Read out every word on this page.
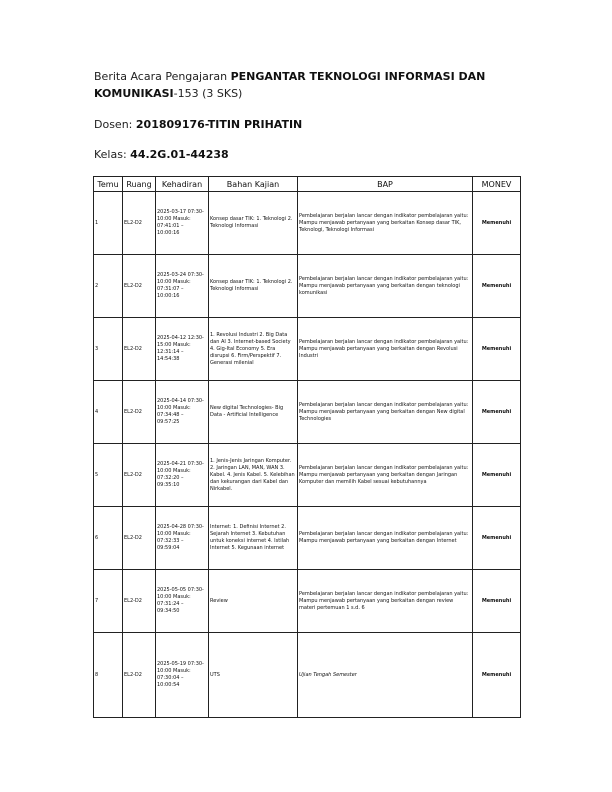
Berita Acara Pengajaran PENGANTAR TEKNOLOGI INFORMASI DAN KOMUNIKASI-153 (3 SKS)
Dosen: 201809176-TITIN PRIHATIN
Kelas: 44.2G.01-44238
Temu	Ruang	Kehadiran	Bahan Kajian	BAP	MONEV
1	EL2-D2	2025-03-17 07:30-10:00 Masuk: 07:41:01 – 10:00:16	Konsep dasar TIK: 1. Teknologi 2. Teknologi Informasi	Pembelajaran berjalan lancar dengan indikator pembelajaran yaitu: Mampu menjawab pertanyaan yang berkaitan Konsep dasar TIK, Teknologi, Teknologi Informasi	Memenuhi
2	EL2-D2	2025-03-24 07:30-10:00 Masuk: 07:31:07 – 10:00:16	Konsep dasar TIK: 1. Teknologi 2. Teknologi Informasi	Pembelajaran berjalan lancar dengan indikator pembelajaran yaitu: Mampu menjawab pertanyaan yang berkaitan dengan teknologi komunikasi	Memenuhi
3	EL2-D2	2025-04-12 12:30-15:00 Masuk: 12:31:14 – 14:54:38	1. Revolusi Industri 2. Big Data dan AI 3. Internet-based Society 4. Gig-Ital Economy 5. Era disrupsi 6. Firm/Perspektif 7. Generasi milenial	Pembelajaran berjalan lancar dengan indikator pembelajaran yaitu: Mampu menjawab pertanyaan yang berkaitan dengan Revolusi Industri	Memenuhi
4	EL2-D2	2025-04-14 07:30-10:00 Masuk: 07:34:48 – 09:57:25	New digital Technologies- Big Data - Artificial Intelligence	Pembelajaran berjalan lancar dengan indikator pembelajaran yaitu: Mampu menjawab pertanyaan yang berkaitan dengan New digital Technologies	Memenuhi
5	EL2-D2	2025-04-21 07:30-10:00 Masuk: 07:32:20 – 09:35:10	1. Jenis-Jenis Jaringan Komputer. 2. Jaringan LAN, MAN, WAN 3. Kabel. 4. Jenis Kabel. 5. Kelebihan dan kekurangan dari Kabel dan Nirkabel.	Pembelajaran berjalan lancar dengan indikator pembelajaran yaitu: Mampu menjawab pertanyaan yang berkaitan dengan Jaringan Komputer dan memilih Kabel sesuai kebutuhannya	Memenuhi
6	EL2-D2	2025-04-28 07:30-10:00 Masuk: 07:32:33 – 09:59:04	Internet: 1. Definisi Internet 2. Sejarah Internet 3. Kebutuhan untuk koneksi internet 4. Istilah Internet 5. Kegunaan internet	Pembelajaran berjalan lancar dengan indikator pembelajaran yaitu: Mampu menjawab pertanyaan yang berkaitan dengan Internet	Memenuhi
7	EL2-D2	2025-05-05 07:30-10:00 Masuk: 07:31:24 – 09:34:50	Review	Pembelajaran berjalan lancar dengan indikator pembelajaran yaitu: Mampu menjawab pertanyaan yang berkaitan dengan review materi pertemuan 1 s.d. 6	Memenuhi
8	EL2-D2	2025-05-19 07:30-10:00 Masuk: 07:30:04 – 10:00:54	UTS	Ujian Tengah Semester	Memenuhi
